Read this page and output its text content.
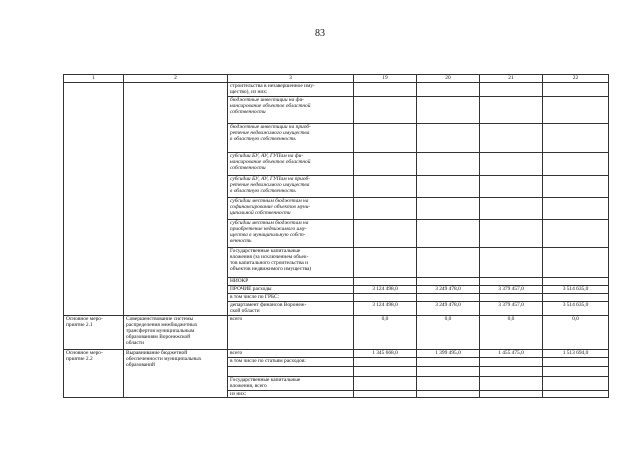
83
1	2	3	19	20	21	22
		строительства в незавершенное иму-
щество), из них:				
		бюджетные инвестиции на фи-
нансирование объектов областной
собственности				
		бюджетные инвестиции на приоб-
ретение недвижимого имущества
в областную собственность				
		субсидии БУ, АУ, ГУПам на фи-
нансирование объектов областной
собственности				
		субсидии БУ, АУ, ГУПам на приоб-
ретение недвижимого имущества
в областную собственность				
		субсидии местным бюджетам на
софинансирование объектов муни-
ципальной собственности				
		субсидии местным бюджетам на
приобретение недвижимого иму-
щества в муниципальную собст-
венность				
		Государственные капитальные
вложения (за исключением объек-
тов капитального строительства и
объектов недвижимого имущества)				
		НИОКР				
		ПРОЧИЕ расходы	3 124 498,0	3 249 478,0	3 379 457,0	3 514 635,0
		в том числе по ГРБС:				
		департамент финансов Воронеж-
ской области	3 124 498,0	3 249 478,0	3 379 457,0	3 514 635,0
Основное меро-
приятие 2.1	Совершенствование системы
распределения межбюджетных
трансфертов муниципальным
образованиям Воронежской
области	всего	0,0	0,0	0,0	0,0
Основное меро-
приятие 2.2	Выравнивание бюджетной
обеспеченности муниципальных
образований	всего	1 345 668,0	1 399 495,0	1 455 475,0	1 513 694,0
		в том числе по статьям расходов:				

		Государственные капитальные
вложения, всего				
		из них:				
